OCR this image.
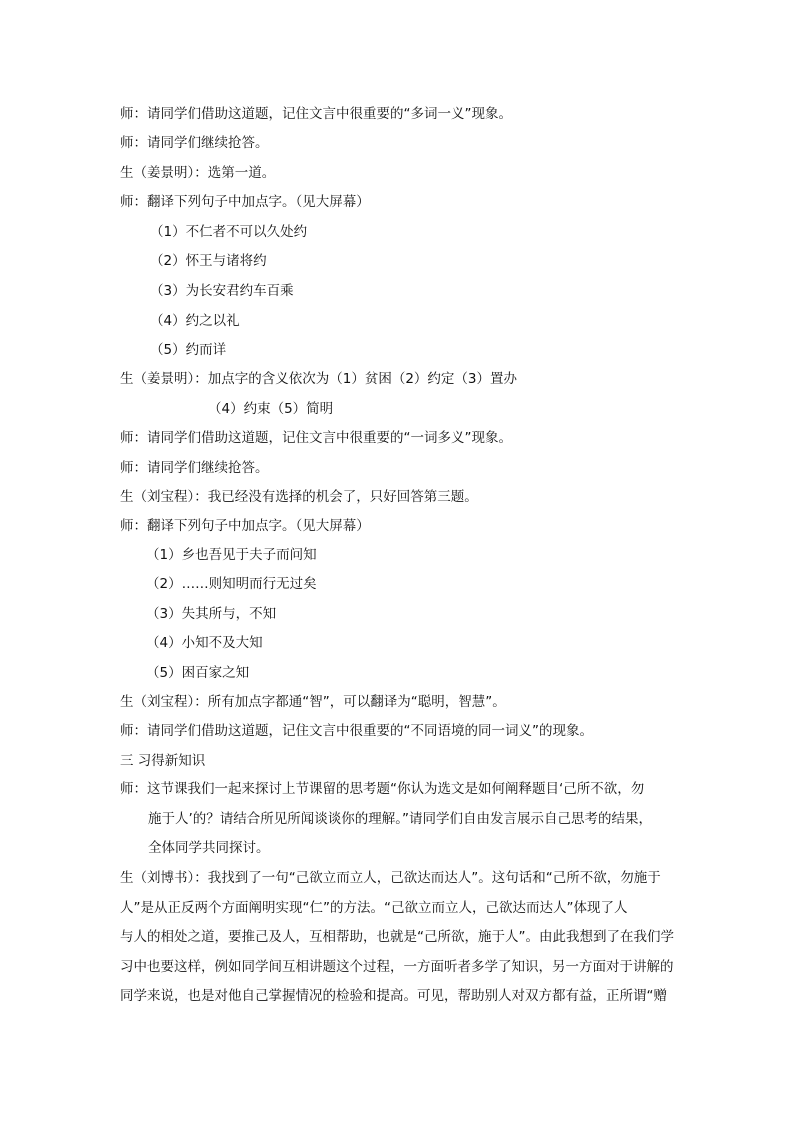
师：请同学们借助这道题，记住文言中很重要的“多词一义”现象。
师：请同学们继续抢答。
生（姜景明）：选第一道。
师：翻译下列句子中加点字。（见大屏幕）
（1）不仁者不可以久处约
（2）怀王与诸将约
（3）为长安君约车百乘
（4）约之以礼
（5）约而详
生（姜景明）：加点字的含义依次为（1）贫困（2）约定（3）置办
（4）约束（5）简明
师：请同学们借助这道题，记住文言中很重要的“一词多义”现象。
师：请同学们继续抢答。
生（刘宝程）：我已经没有选择的机会了，只好回答第三题。
师：翻译下列句子中加点字。（见大屏幕）
（1）乡也吾见于夫子而问知
（2）……则知明而行无过矣
（3）失其所与，不知
（4）小知不及大知
（5）困百家之知
生（刘宝程）：所有加点字都通“智”，可以翻译为“聪明，智慧”。
师：请同学们借助这道题，记住文言中很重要的“不同语境的同一词义”的现象。
三 习得新知识
师：这节课我们一起来探讨上节课留的思考题“你认为选文是如何阐释题目‘己所不欲，勿
施于人’的？请结合所见所闻谈谈你的理解。”请同学们自由发言展示自己思考的结果，
全体同学共同探讨。
生（刘博书）：我找到了一句“己欲立而立人，己欲达而达人”。这句话和“己所不欲，勿施于
人”是从正反两个方面阐明实现“仁”的方法。“己欲立而立人，己欲达而达人”体现了人
与人的相处之道，要推己及人，互相帮助，也就是“己所欲，施于人”。由此我想到了在我们学
习中也要这样，例如同学间互相讲题这个过程，一方面听者多学了知识，另一方面对于讲解的
同学来说，也是对他自己掌握情况的检验和提高。可见，帮助别人对双方都有益，正所谓“赠
